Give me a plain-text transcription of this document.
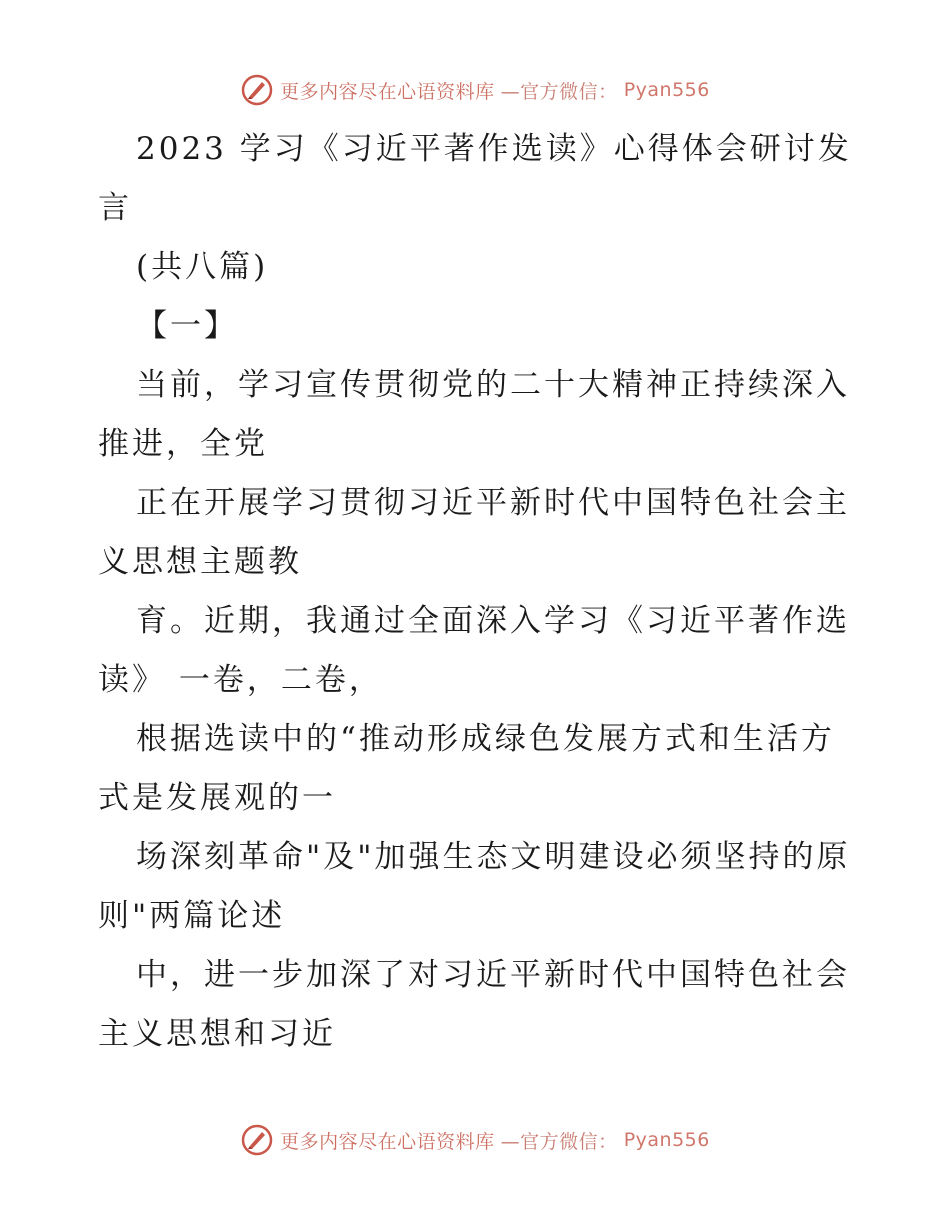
更多内容尽在心语资料库 —官方微信： Pyan556
2023 学习《习近平著作选读》心得体会研讨发
言
(共八篇)
【一】
当前，学习宣传贯彻党的二十大精神正持续深入
推进，全党
正在开展学习贯彻习近平新时代中国特色社会主
义思想主题教
育。近期，我通过全面深入学习《习近平著作选
读》 一卷，二卷，
根据选读中的“推动形成绿色发展方式和生活方
式是发展观的一
场深刻革命"及"加强生态文明建设必须坚持的原
则"两篇论述
中，进一步加深了对习近平新时代中国特色社会
主义思想和习近
更多内容尽在心语资料库 —官方微信： Pyan556
